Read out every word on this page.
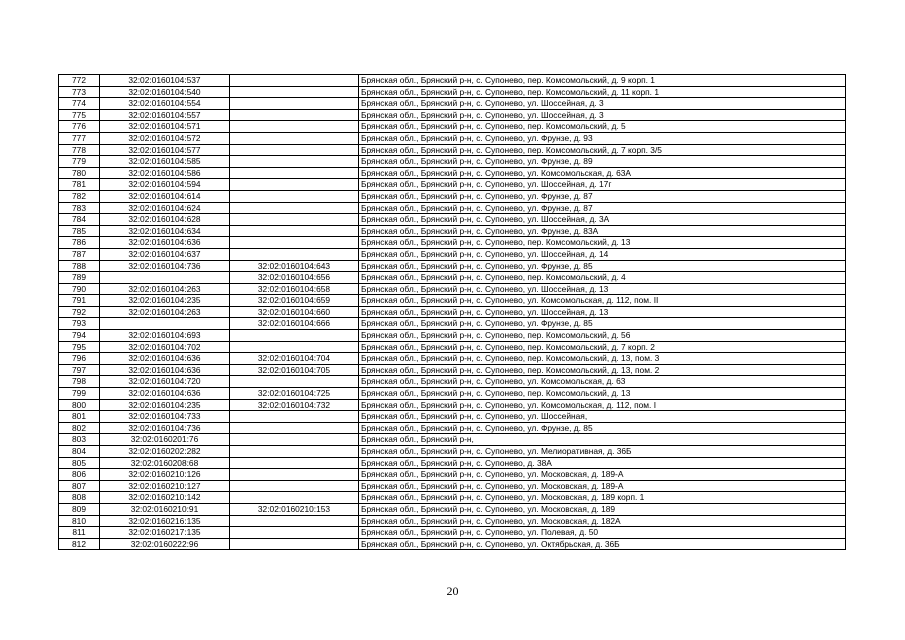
772	32:02:0160104:537		Брянская обл., Брянский р-н, с. Супонево, пер. Комсомольский, д. 9 корп. 1
773	32:02:0160104:540		Брянская обл., Брянский р-н, с. Супонево, пер. Комсомольский, д. 11 корп. 1
774	32:02:0160104:554		Брянская обл., Брянский р-н, с. Супонево, ул. Шоссейная, д. 3
775	32:02:0160104:557		Брянская обл., Брянский р-н, с. Супонево, ул. Шоссейная, д. 3
776	32:02:0160104:571		Брянская обл., Брянский р-н, с. Супонево, пер. Комсомольский, д. 5
777	32:02:0160104:572		Брянская обл., Брянский р-н, с. Супонево, ул. Фрунзе, д. 93
778	32:02:0160104:577		Брянская обл., Брянский р-н, с. Супонево, пер. Комсомольский, д. 7 корп. 3/5
779	32:02:0160104:585		Брянская обл., Брянский р-н, с. Супонево, ул. Фрунзе, д. 89
780	32:02:0160104:586		Брянская обл., Брянский р-н, с. Супонево, ул. Комсомольская, д. 63А
781	32:02:0160104:594		Брянская обл., Брянский р-н, с. Супонево, ул. Шоссейная, д. 17г
782	32:02:0160104:614		Брянская обл., Брянский р-н, с. Супонево, ул. Фрунзе, д. 87
783	32:02:0160104:624		Брянская обл., Брянский р-н, с. Супонево, ул. Фрунзе, д. 87
784	32:02:0160104:628		Брянская обл., Брянский р-н, с. Супонево, ул. Шоссейная, д. 3А
785	32:02:0160104:634		Брянская обл., Брянский р-н, с. Супонево, ул. Фрунзе, д. 83А
786	32:02:0160104:636		Брянская обл., Брянский р-н, с. Супонево, пер. Комсомольский, д. 13
787	32:02:0160104:637		Брянская обл., Брянский р-н, с. Супонево, ул. Шоссейная, д. 14
788	32:02:0160104:736	32:02:0160104:643	Брянская обл., Брянский р-н, с. Супонево, ул. Фрунзе, д. 85
789		32:02:0160104:656	Брянская обл., Брянский р-н, с. Супонево, пер. Комсомольский, д. 4
790	32:02:0160104:263	32:02:0160104:658	Брянская обл., Брянский р-н, с. Супонево, ул. Шоссейная, д. 13
791	32:02:0160104:235	32:02:0160104:659	Брянская обл., Брянский р-н, с. Супонево, ул. Комсомольская, д. 112, пом. II
792	32:02:0160104:263	32:02:0160104:660	Брянская обл., Брянский р-н, с. Супонево, ул. Шоссейная, д. 13
793		32:02:0160104:666	Брянская обл., Брянский р-н, с. Супонево, ул. Фрунзе, д. 85
794	32:02:0160104:693		Брянская обл., Брянский р-н, с. Супонево, пер. Комсомольский, д. 56
795	32:02:0160104:702		Брянская обл., Брянский р-н, с. Супонево, пер. Комсомольский, д. 7 корп. 2
796	32:02:0160104:636	32:02:0160104:704	Брянская обл., Брянский р-н, с. Супонево, пер. Комсомольский, д. 13, пом. 3
797	32:02:0160104:636	32:02:0160104:705	Брянская обл., Брянский р-н, с. Супонево, пер. Комсомольский, д. 13, пом. 2
798	32:02:0160104:720		Брянская обл., Брянский р-н, с. Супонево, ул. Комсомольская, д. 63
799	32:02:0160104:636	32:02:0160104:725	Брянская обл., Брянский р-н, с. Супонево, пер. Комсомольский, д. 13
800	32:02:0160104:235	32:02:0160104:732	Брянская обл., Брянский р-н, с. Супонево, ул. Комсомольская, д. 112, пом. I
801	32:02:0160104:733		Брянская обл., Брянский р-н, с. Супонево, ул. Шоссейная,
802	32:02:0160104:736		Брянская обл., Брянский р-н, с. Супонево, ул. Фрунзе, д. 85
803	32:02:0160201:76		Брянская обл., Брянский р-н,
804	32:02:0160202:282		Брянская обл., Брянский р-н, с. Супонево, ул. Мелиоративная, д. 36Б
805	32:02:0160208:68		Брянская обл., Брянский р-н, с. Супонево, д. 38А
806	32:02:0160210:126		Брянская обл., Брянский р-н, с. Супонево, ул. Московская, д. 189-А
807	32:02:0160210:127		Брянская обл., Брянский р-н, с. Супонево, ул. Московская, д. 189-А
808	32:02:0160210:142		Брянская обл., Брянский р-н, с. Супонево, ул. Московская, д. 189 корп. 1
809	32:02:0160210:91	32:02:0160210:153	Брянская обл., Брянский р-н, с. Супонево, ул. Московская, д. 189
810	32:02:0160216:135		Брянская обл., Брянский р-н, с. Супонево, ул. Московская, д. 182А
811	32:02:0160217:135		Брянская обл., Брянский р-н, с. Супонево, ул. Полевая, д. 50
812	32:02:0160222:96		Брянская обл., Брянский р-н, с. Супонево, ул. Октябрьская, д. 36Б
20
